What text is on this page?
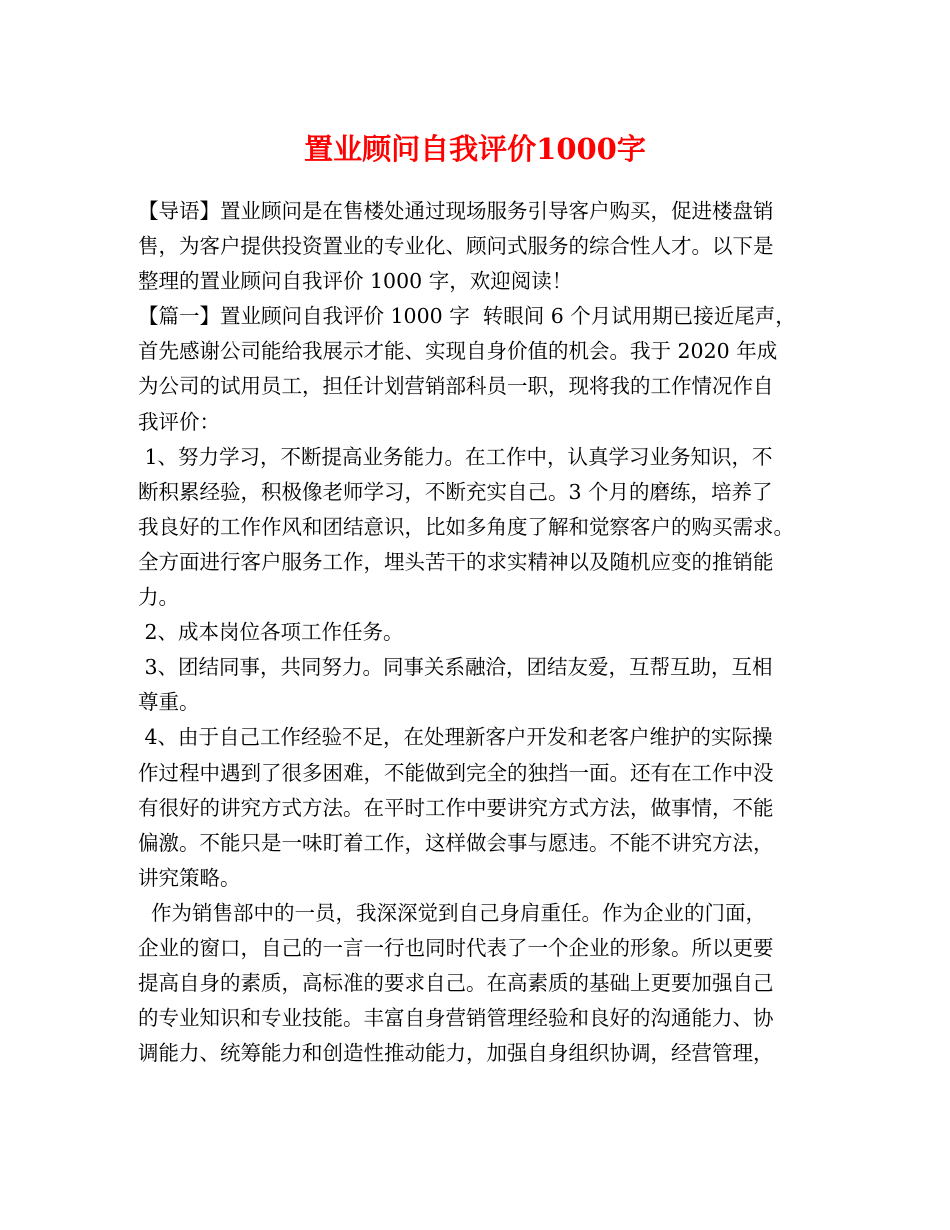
置业顾问自我评价1000字
【导语】置业顾问是在售楼处通过现场服务引导客户购买，促进楼盘销
售，为客户提供投资置业的专业化、顾问式服务的综合性人才。以下是
整理的置业顾问自我评价 1000 字，欢迎阅读！
【篇一】置业顾问自我评价 1000 字  转眼间 6 个月试用期已接近尾声，
首先感谢公司能给我展示才能、实现自身价值的机会。我于 2020 年成
为公司的试用员工，担任计划营销部科员一职，现将我的工作情况作自
我评价：
1、努力学习，不断提高业务能力。在工作中，认真学习业务知识，不
断积累经验，积极像老师学习，不断充实自己。3 个月的磨练，培养了
我良好的工作作风和团结意识，比如多角度了解和觉察客户的购买需求。
全方面进行客户服务工作，埋头苦干的求实精神以及随机应变的推销能
力。
2、成本岗位各项工作任务。
3、团结同事，共同努力。同事关系融洽，团结友爱，互帮互助，互相
尊重。
4、由于自己工作经验不足，在处理新客户开发和老客户维护的实际操
作过程中遇到了很多困难，不能做到完全的独挡一面。还有在工作中没
有很好的讲究方式方法。在平时工作中要讲究方式方法，做事情，不能
偏激。不能只是一味盯着工作，这样做会事与愿违。不能不讲究方法，
讲究策略。
作为销售部中的一员，我深深觉到自己身肩重任。作为企业的门面，
企业的窗口，自己的一言一行也同时代表了一个企业的形象。所以更要
提高自身的素质，高标准的要求自己。在高素质的基础上更要加强自己
的专业知识和专业技能。丰富自身营销管理经验和良好的沟通能力、协
调能力、统筹能力和创造性推动能力，加强自身组织协调，经营管理，
